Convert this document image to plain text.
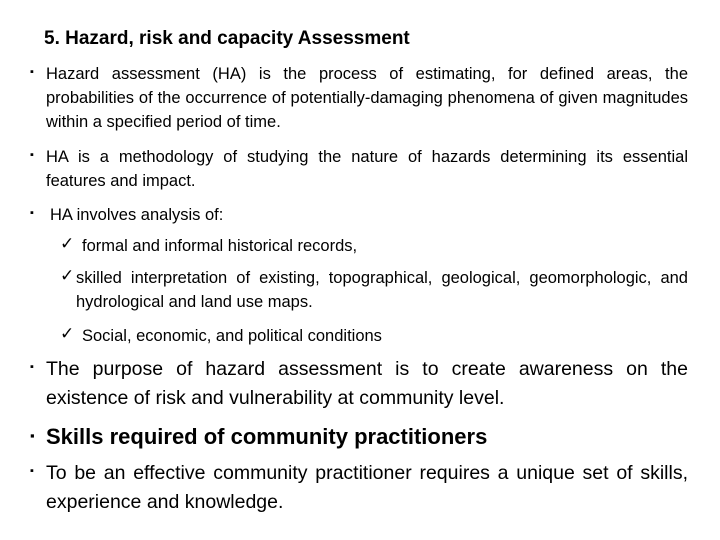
5. Hazard, risk and capacity Assessment
▪ Hazard assessment (HA) is the process of estimating, for defined areas, the probabilities of the occurrence of potentially-damaging phenomena of given magnitudes within a specified period of time.
▪ HA is a methodology of studying the nature of hazards determining its essential features and impact.
▪ HA involves analysis of:
✓ formal and informal historical records,
✓ skilled interpretation of existing, topographical, geological, geomorphologic, and hydrological and land use maps.
✓ Social, economic, and political conditions
▪ The purpose of hazard assessment is to create awareness on the existence of risk and vulnerability at community level.
▪ Skills required of community practitioners
▪ To be an effective community practitioner requires a unique set of skills, experience and knowledge.
